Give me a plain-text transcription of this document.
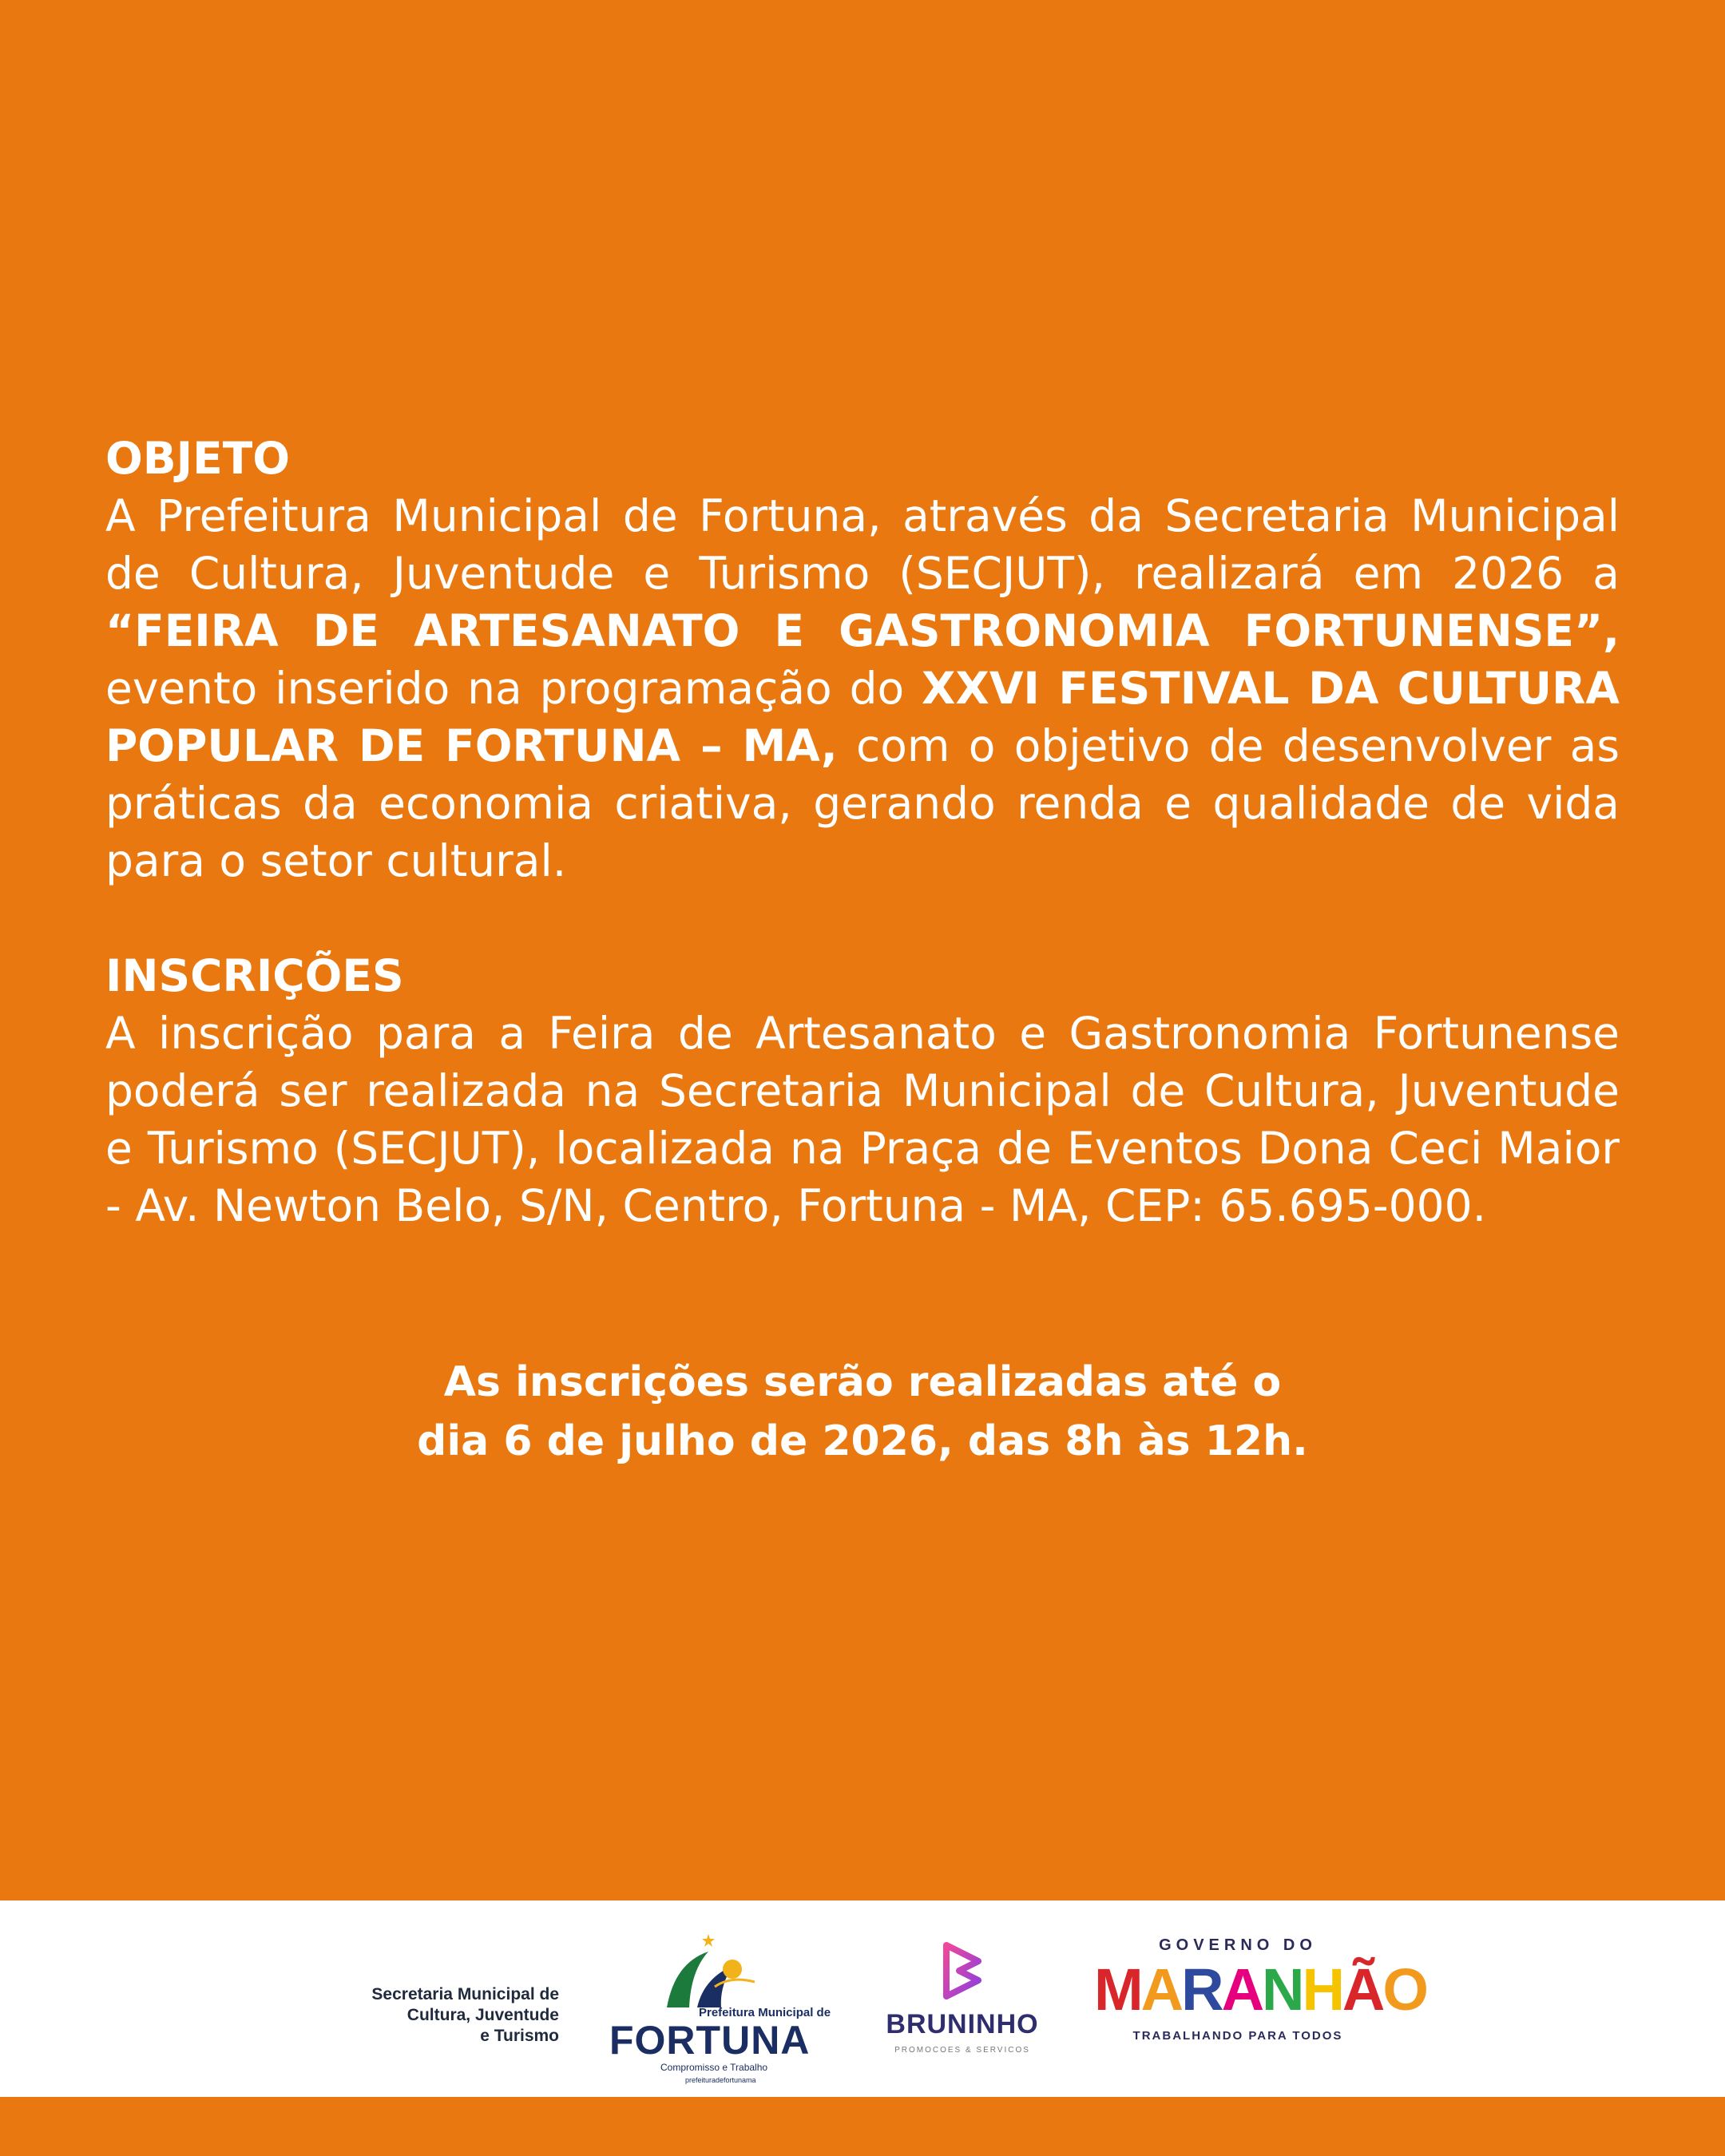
OBJETO

A Prefeitura Municipal de Fortuna, através da Secretaria Municipal de Cultura, Juventude e Turismo (SECJUT), realizará em 2026 a “FEIRA DE ARTESANATO E GASTRONOMIA FORTUNENSE”, evento inserido na programação do XXVI FESTIVAL DA CULTURA POPULAR DE FORTUNA – MA, com o objetivo de desenvolver as práticas da economia criativa, gerando renda e qualidade de vida para o setor cultural.

INSCRIÇÕES

A inscrição para a Feira de Artesanato e Gastronomia Fortunense poderá ser realizada na Secretaria Municipal de Cultura, Juventude e Turismo (SECJUT), localizada na Praça de Eventos Dona Ceci Maior - Av. Newton Belo, S/N, Centro, Fortuna - MA, CEP: 65.695-000.

As inscrições serão realizadas até o
dia 6 de julho de 2026, das 8h às 12h.
Secretaria Municipal de
Cultura, Juventude
e Turismo
Prefeitura Municipal de
FORTUNA
Compromisso e Trabalho
prefeituradefortunama
BRUNINHO
PROMOCOES & SERVICOS
GOVERNO DO
MARANHÃO
TRABALHANDO PARA TODOS
